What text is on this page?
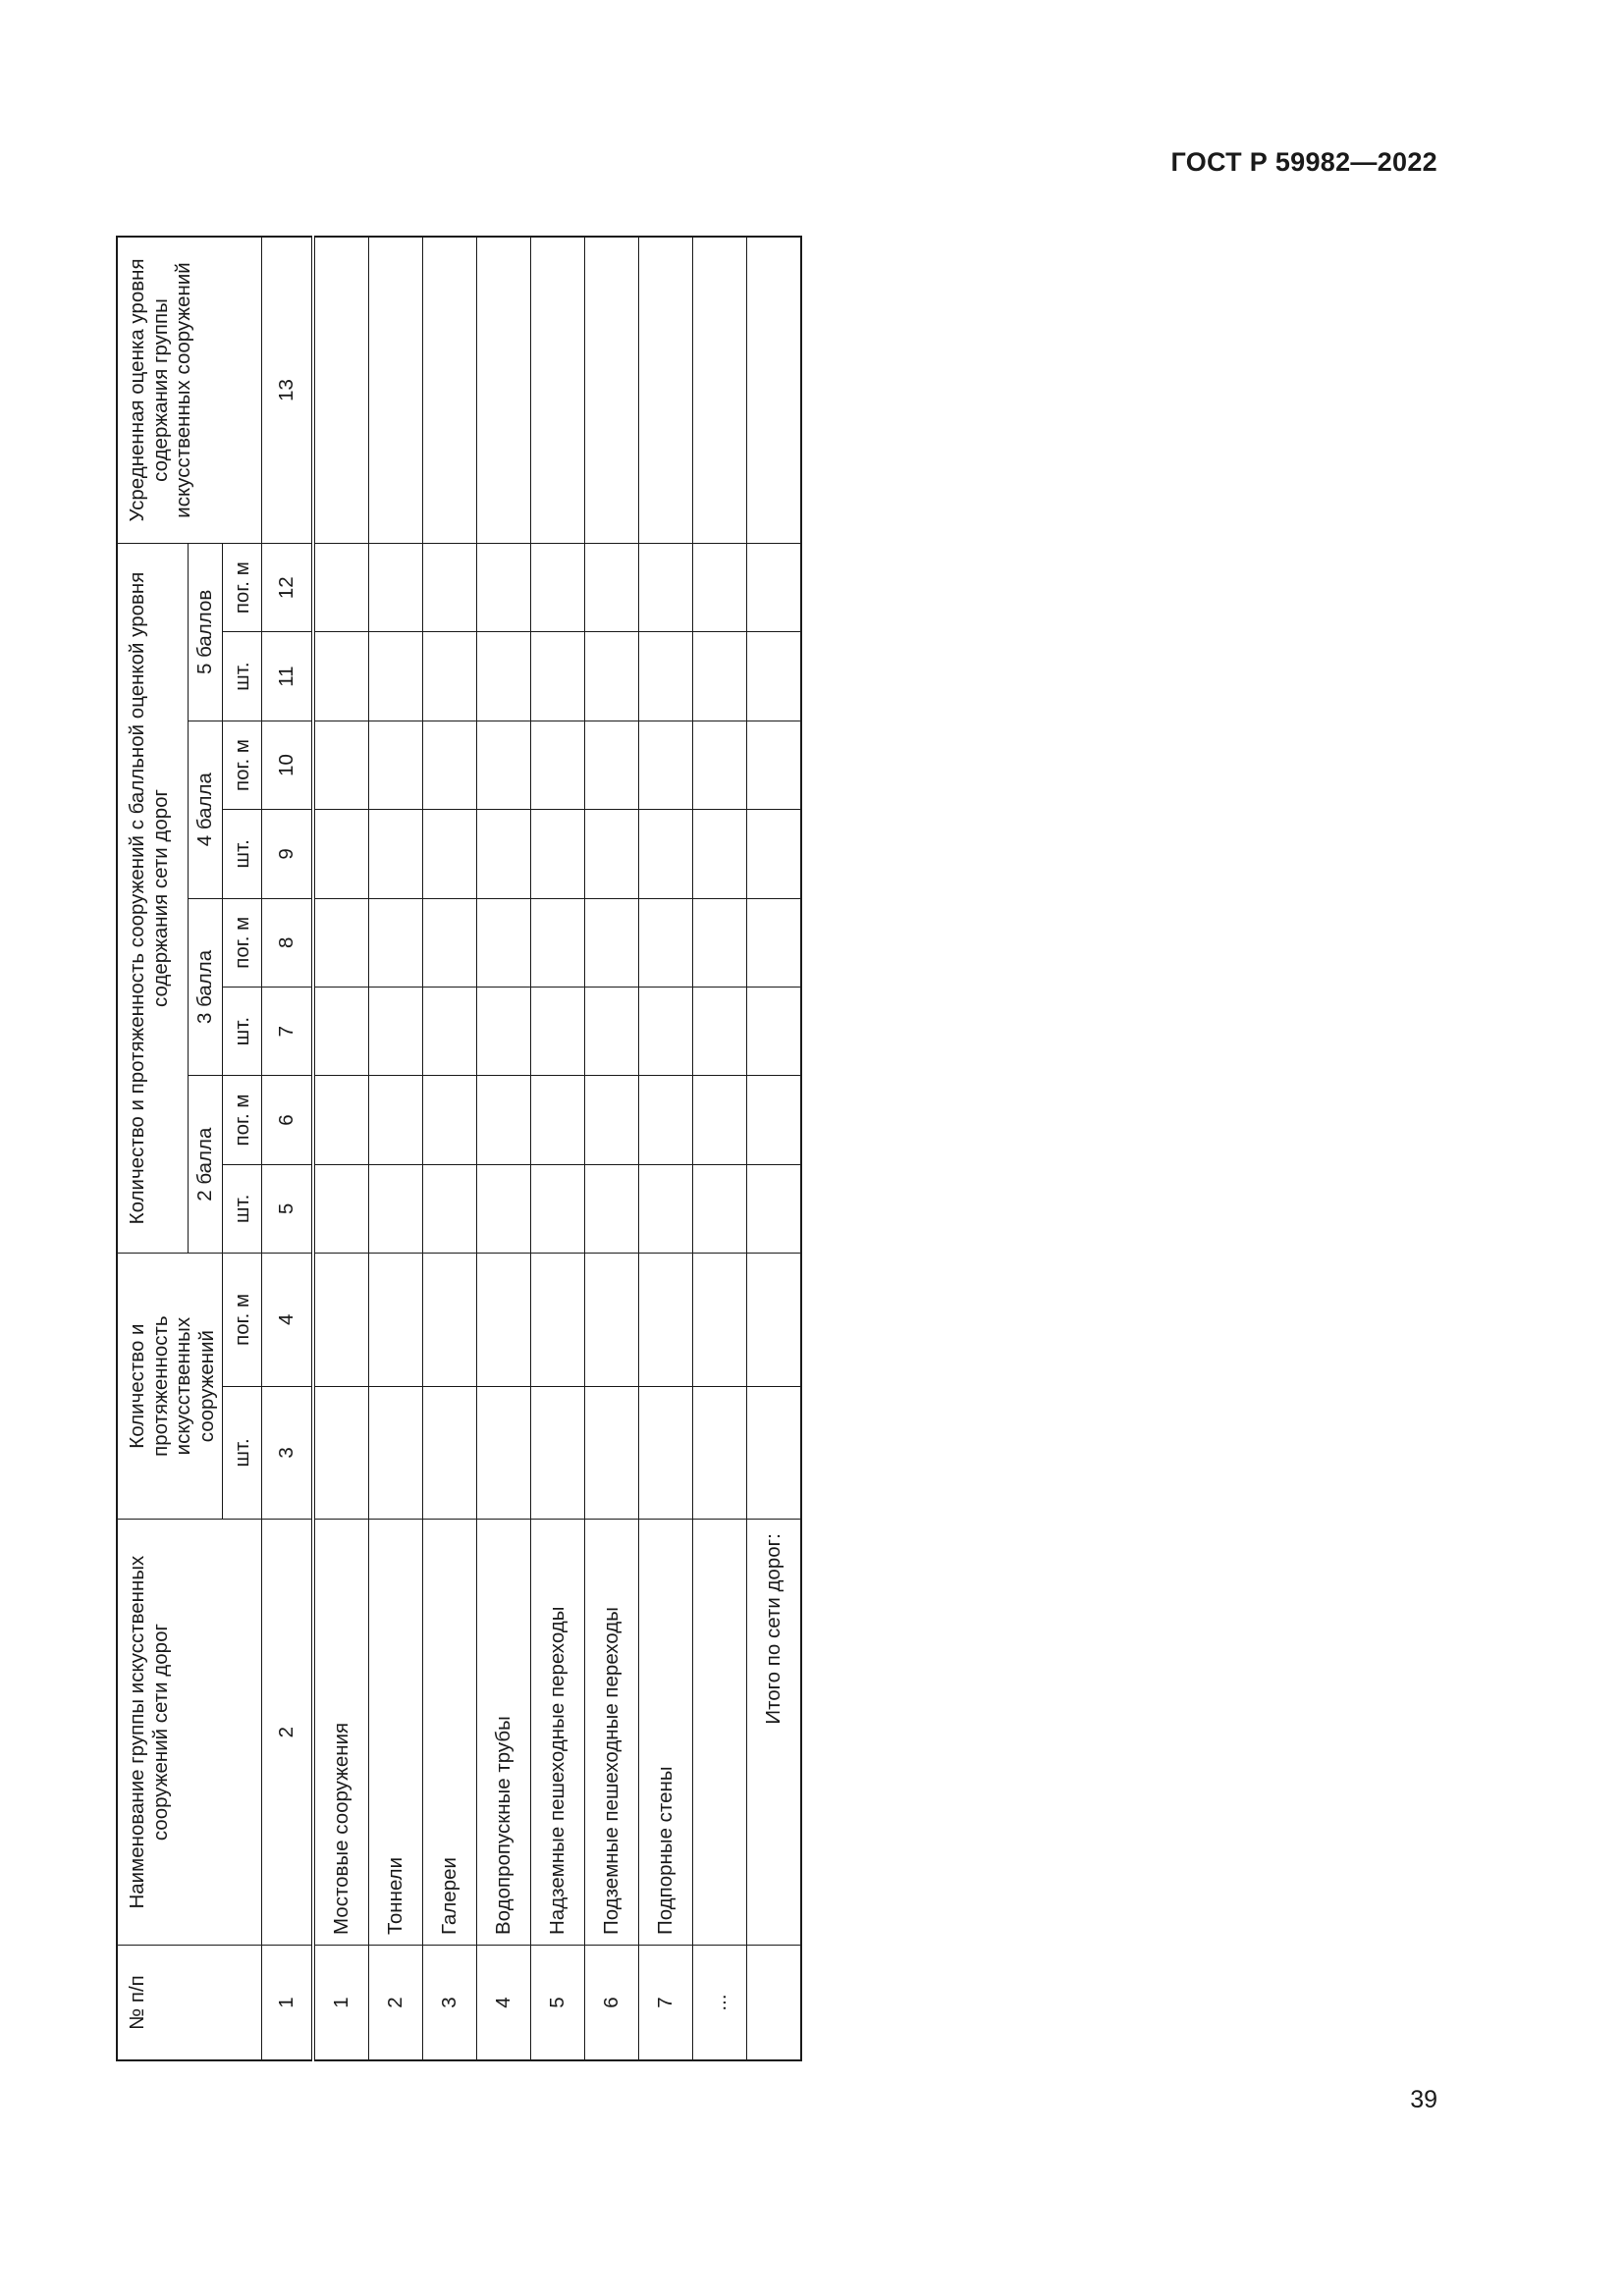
ГОСТ Р 59982—2022
№ п/п	Наименование группы искусственных сооружений сети дорог	Количество и протяженность искусственных сооружений		Количество и протяженность сооружений с балльной оценкой уровня содержания сети дорог								Усредненная оценка уровня содержания группы искусственных сооружений
				2 балла		3 балла		4 балла		5 баллов		
		шт.	пог. м	шт.	пог. м	шт.	пог. м	шт.	пог. м	шт.	пог. м	
1	2	3	4	5	6	7	8	9	10	11	12	13
1	Мостовые сооружения											
2	Тоннели											
3	Галереи											
4	Водопропускные трубы											
5	Надземные пешеходные переходы											
6	Подземные пешеходные переходы											
7	Подпорные стены											
...												
	Итого по сети дорог:											
39
